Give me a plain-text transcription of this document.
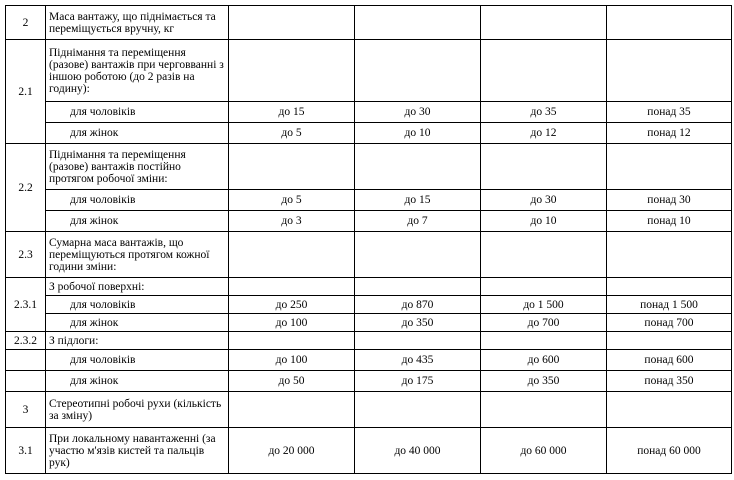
2	Маса вантажу, що піднімається та переміщується вручну, кг				
2.1	Піднімання та переміщення (разове) вантажів при черговванні з іншою роботою (до 2 разів на годину):				
	для чоловіків	до 15	до 30	до 35	понад 35
	для жінок	до 5	до 10	до 12	понад 12
2.2	Піднімання та переміщення (разове) вантажів постійно протягом робочої зміни:				
	для чоловіків	до 5	до 15	до 30	понад 30
	для жінок	до 3	до 7	до 10	понад 10
2.3	Сумарна маса вантажів, що переміщуються протягом кожної години зміни:				
2.3.1	З робочої поверхні:				
	для чоловіків	до 250	до 870	до 1 500	понад 1 500
	для жінок	до 100	до 350	до 700	понад 700
2.3.2	З підлоги:				
	для чоловіків	до 100	до 435	до 600	понад 600
	для жінок	до 50	до 175	до 350	понад 350
3	Стереотипні робочі рухи (кількість за зміну)				
3.1	При локальному навантаженні (за участю м'язів кистей та пальців рук)	до 20 000	до 40 000	до 60 000	понад 60 000
